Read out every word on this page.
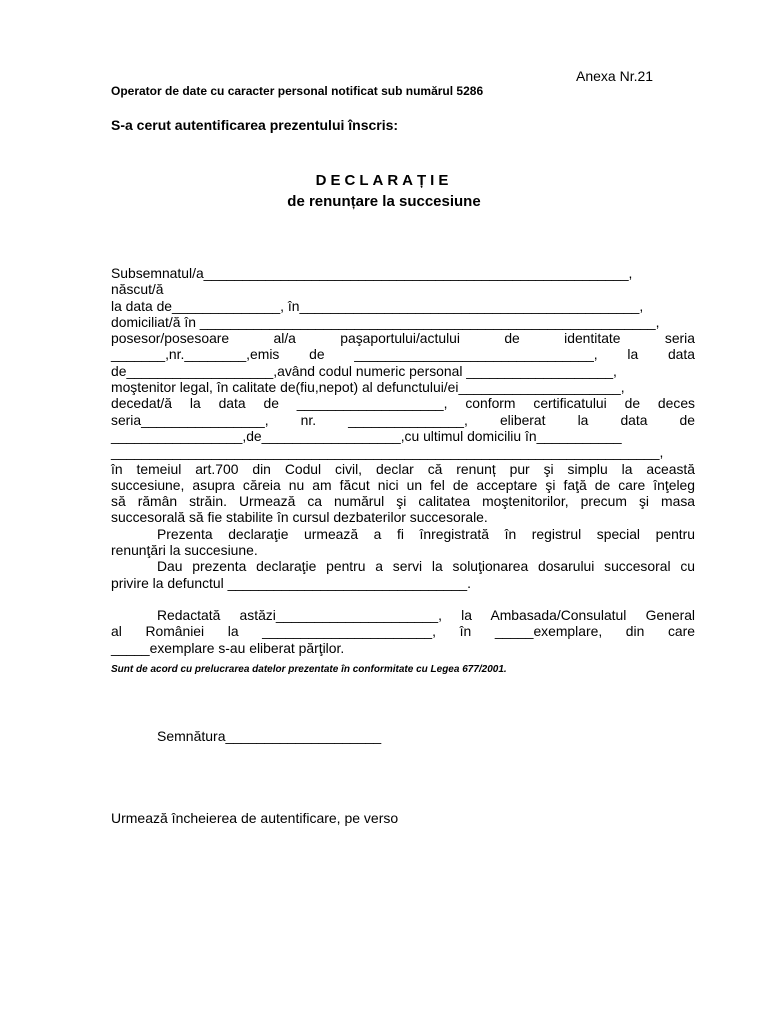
Anexa Nr.21
Operator de date cu caracter personal notificat sub numărul 5286
S-a cerut autentificarea prezentului înscris:
DECLARAȚIE
de renunțare la succesiune
Subsemnatul/a_______________________________________________________,
născut/ă
la data de______________, în____________________________________________,
domiciliat/ă în ___________________________________________________________,
posesor/posesoare al/a paşaportului/actului de identitate seria
_______,nr.________,emis de _______________________________, la data
de___________________,având codul numeric personal ___________________,
moştenitor legal, în calitate de(fiu,nepot) al defunctului/ei_____________________,
decedat/ă la data de ___________________, conform certificatului de deces
seria________________, nr. _______________, eliberat la data de
_________________,de__________________,cu ultimul domiciliu în___________
_______________________________________________________________________,
în temeiul art.700 din Codul civil, declar că renunț pur şi simplu la această
succesiune, asupra căreia nu am făcut nici un fel de acceptare şi faţă de care înţeleg
să rămân străin. Urmează ca numărul şi calitatea moştenitorilor, precum şi masa
succesorală să fie stabilite în cursul dezbaterilor succesorale.
Prezenta declaraţie urmează a fi înregistrată în registrul special pentru
renunţări la succesiune.
Dau prezenta declaraţie pentru a servi la soluţionarea dosarului succesoral cu
privire la defunctul _______________________________.
Redactată astăzi_____________________, la Ambasada/Consulatul General
al României la ______________________, în _____exemplare, din care
_____exemplare s-au eliberat părţilor.
Sunt de acord cu prelucrarea datelor prezentate în conformitate cu Legea 677/2001.
Semnătura____________________
Urmează încheierea de autentificare, pe verso
